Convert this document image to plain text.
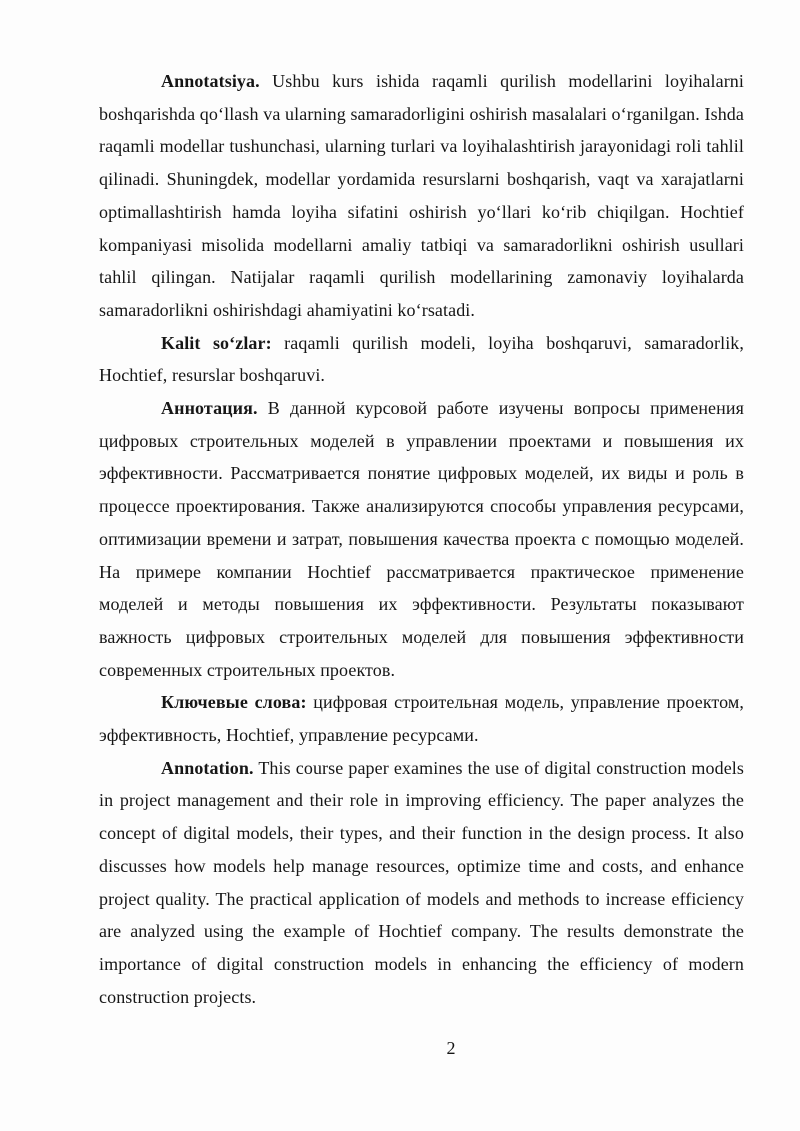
Annotatsiya. Ushbu kurs ishida raqamli qurilish modellarini loyihalarni boshqarishda qo‘llash va ularning samaradorligini oshirish masalalari o‘rganilgan. Ishda raqamli modellar tushunchasi, ularning turlari va loyihalashtirish jarayonidagi roli tahlil qilinadi. Shuningdek, modellar yordamida resurslarni boshqarish, vaqt va xarajatlarni optimallashtirish hamda loyiha sifatini oshirish yo‘llari ko‘rib chiqilgan. Hochtief kompaniyasi misolida modellarni amaliy tatbiqi va samaradorlikni oshirish usullari tahlil qilingan. Natijalar raqamli qurilish modellarining zamonaviy loyihalarda samaradorlikni oshirishdagi ahamiyatini ko‘rsatadi.

Kalit so‘zlar: raqamli qurilish modeli, loyiha boshqaruvi, samaradorlik, Hochtief, resurslar boshqaruvi.

Аннотация. В данной курсовой работе изучены вопросы применения цифровых строительных моделей в управлении проектами и повышения их эффективности. Рассматривается понятие цифровых моделей, их виды и роль в процессе проектирования. Также анализируются способы управления ресурсами, оптимизации времени и затрат, повышения качества проекта с помощью моделей. На примере компании Hochtief рассматривается практическое применение моделей и методы повышения их эффективности. Результаты показывают важность цифровых строительных моделей для повышения эффективности современных строительных проектов.

Ключевые слова: цифровая строительная модель, управление проектом, эффективность, Hochtief, управление ресурсами.

Annotation. This course paper examines the use of digital construction models in project management and their role in improving efficiency. The paper analyzes the concept of digital models, their types, and their function in the design process. It also discusses how models help manage resources, optimize time and costs, and enhance project quality. The practical application of models and methods to increase efficiency are analyzed using the example of Hochtief company. The results demonstrate the importance of digital construction models in enhancing the efficiency of modern construction projects.

2
